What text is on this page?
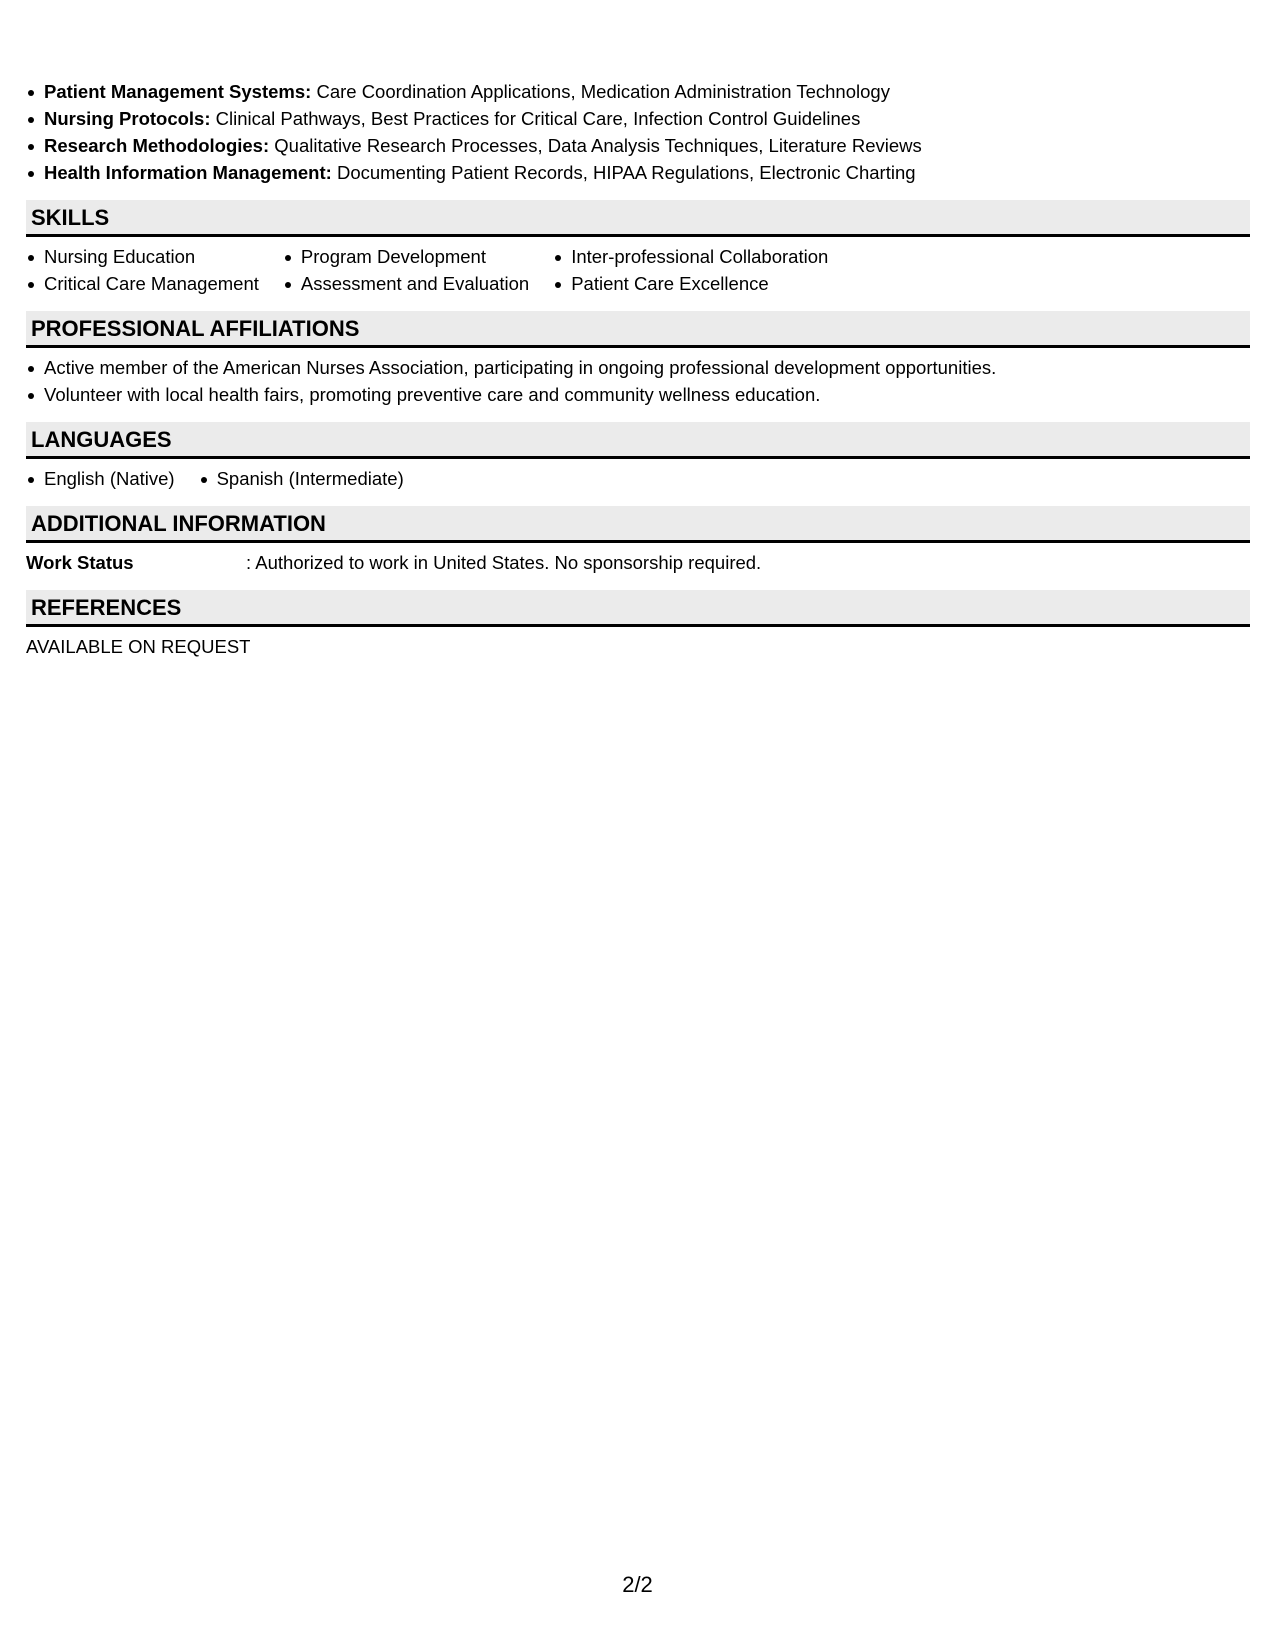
Patient Management Systems: Care Coordination Applications, Medication Administration Technology
Nursing Protocols: Clinical Pathways, Best Practices for Critical Care, Infection Control Guidelines
Research Methodologies: Qualitative Research Processes, Data Analysis Techniques, Literature Reviews
Health Information Management: Documenting Patient Records, HIPAA Regulations, Electronic Charting
SKILLS
Nursing Education
Critical Care Management
Program Development
Assessment and Evaluation
Inter-professional Collaboration
Patient Care Excellence
PROFESSIONAL AFFILIATIONS
Active member of the American Nurses Association, participating in ongoing professional development opportunities.
Volunteer with local health fairs, promoting preventive care and community wellness education.
LANGUAGES
English (Native)	Spanish (Intermediate)
ADDITIONAL INFORMATION
Work Status	: Authorized to work in United States. No sponsorship required.
REFERENCES
AVAILABLE ON REQUEST
2/2
